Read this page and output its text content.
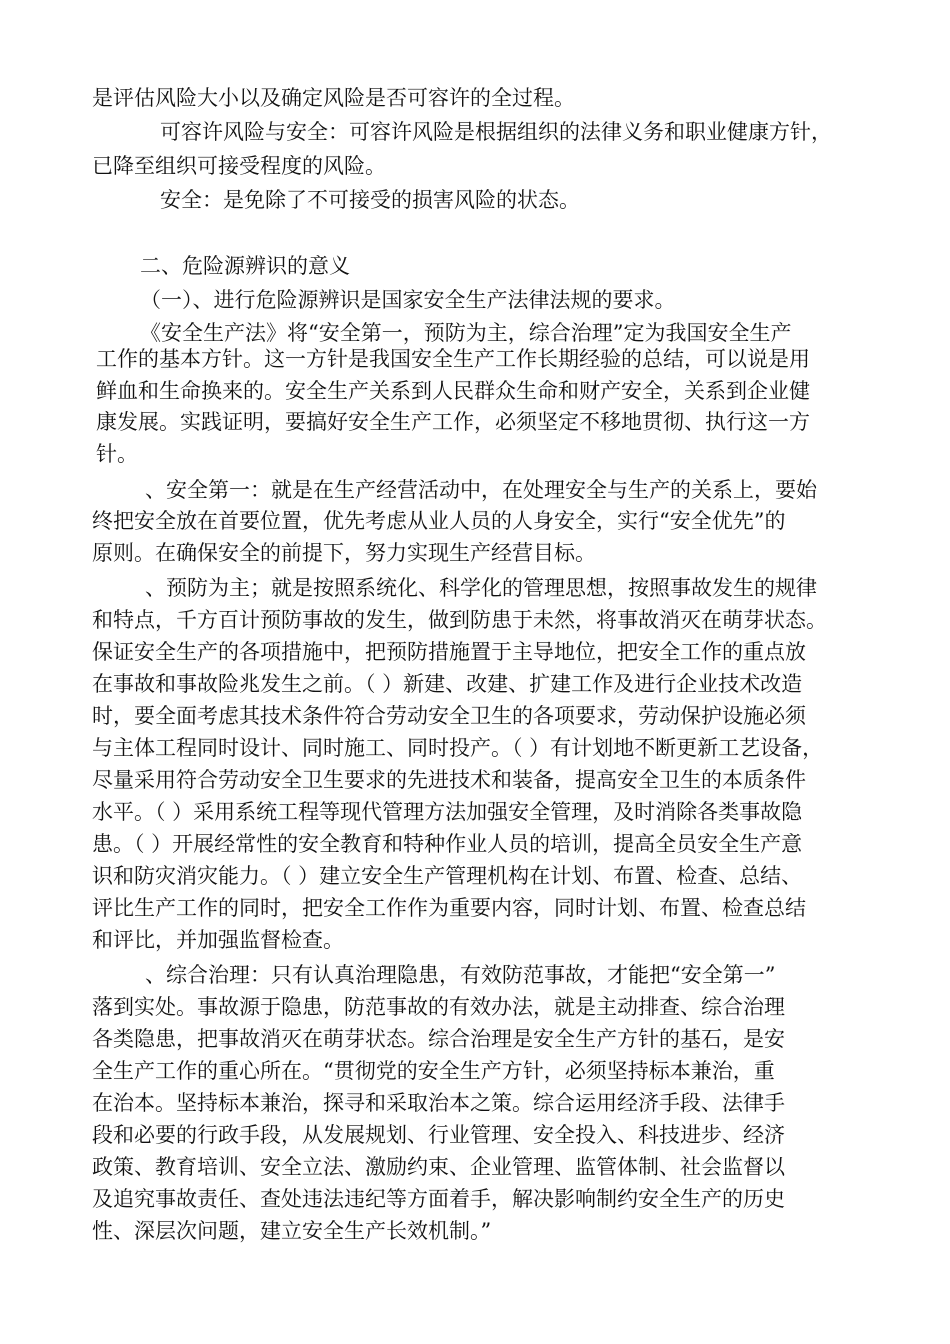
是评估风险大小以及确定风险是否可容许的全过程。
可容许风险与安全：可容许风险是根据组织的法律义务和职业健康方针，
已降至组织可接受程度的风险。
安全：是免除了不可接受的损害风险的状态。
二、危险源辨识的意义
（一）、进行危险源辨识是国家安全生产法律法规的要求。
《安全生产法》将“安全第一，预防为主，综合治理”定为我国安全生产
工作的基本方针。这一方针是我国安全生产工作长期经验的总结，可以说是用
鲜血和生命换来的。安全生产关系到人民群众生命和财产安全，关系到企业健
康发展。实践证明，要搞好安全生产工作，必须坚定不移地贯彻、执行这一方
针。
、安全第一：就是在生产经营活动中，在处理安全与生产的关系上，要始
终把安全放在首要位置，优先考虑从业人员的人身安全，实行“安全优先”的
原则。在确保安全的前提下，努力实现生产经营目标。
、预防为主；就是按照系统化、科学化的管理思想，按照事故发生的规律
和特点，千方百计预防事故的发生，做到防患于未然，将事故消灭在萌芽状态。
保证安全生产的各项措施中，把预防措施置于主导地位，把安全工作的重点放
在事故和事故险兆发生之前。（ ）新建、改建、扩建工作及进行企业技术改造
时，要全面考虑其技术条件符合劳动安全卫生的各项要求，劳动保护设施必须
与主体工程同时设计、同时施工、同时投产。（ ）有计划地不断更新工艺设备，
尽量采用符合劳动安全卫生要求的先进技术和装备，提高安全卫生的本质条件
水平。（ ）采用系统工程等现代管理方法加强安全管理，及时消除各类事故隐
患。（ ）开展经常性的安全教育和特种作业人员的培训，提高全员安全生产意
识和防灾消灾能力。（ ）建立安全生产管理机构在计划、布置、检查、总结、
评比生产工作的同时，把安全工作作为重要内容，同时计划、布置、检查总结
和评比，并加强监督检查。
、综合治理：只有认真治理隐患，有效防范事故，才能把“安全第一”
落到实处。事故源于隐患，防范事故的有效办法，就是主动排查、综合治理
各类隐患，把事故消灭在萌芽状态。综合治理是安全生产方针的基石，是安
全生产工作的重心所在。“贯彻党的安全生产方针，必须坚持标本兼治，重
在治本。坚持标本兼治，探寻和采取治本之策。综合运用经济手段、法律手
段和必要的行政手段，从发展规划、行业管理、安全投入、科技进步、经济
政策、教育培训、安全立法、激励约束、企业管理、监管体制、社会监督以
及追究事故责任、查处违法违纪等方面着手，解决影响制约安全生产的历史
性、深层次问题，建立安全生产长效机制。”
